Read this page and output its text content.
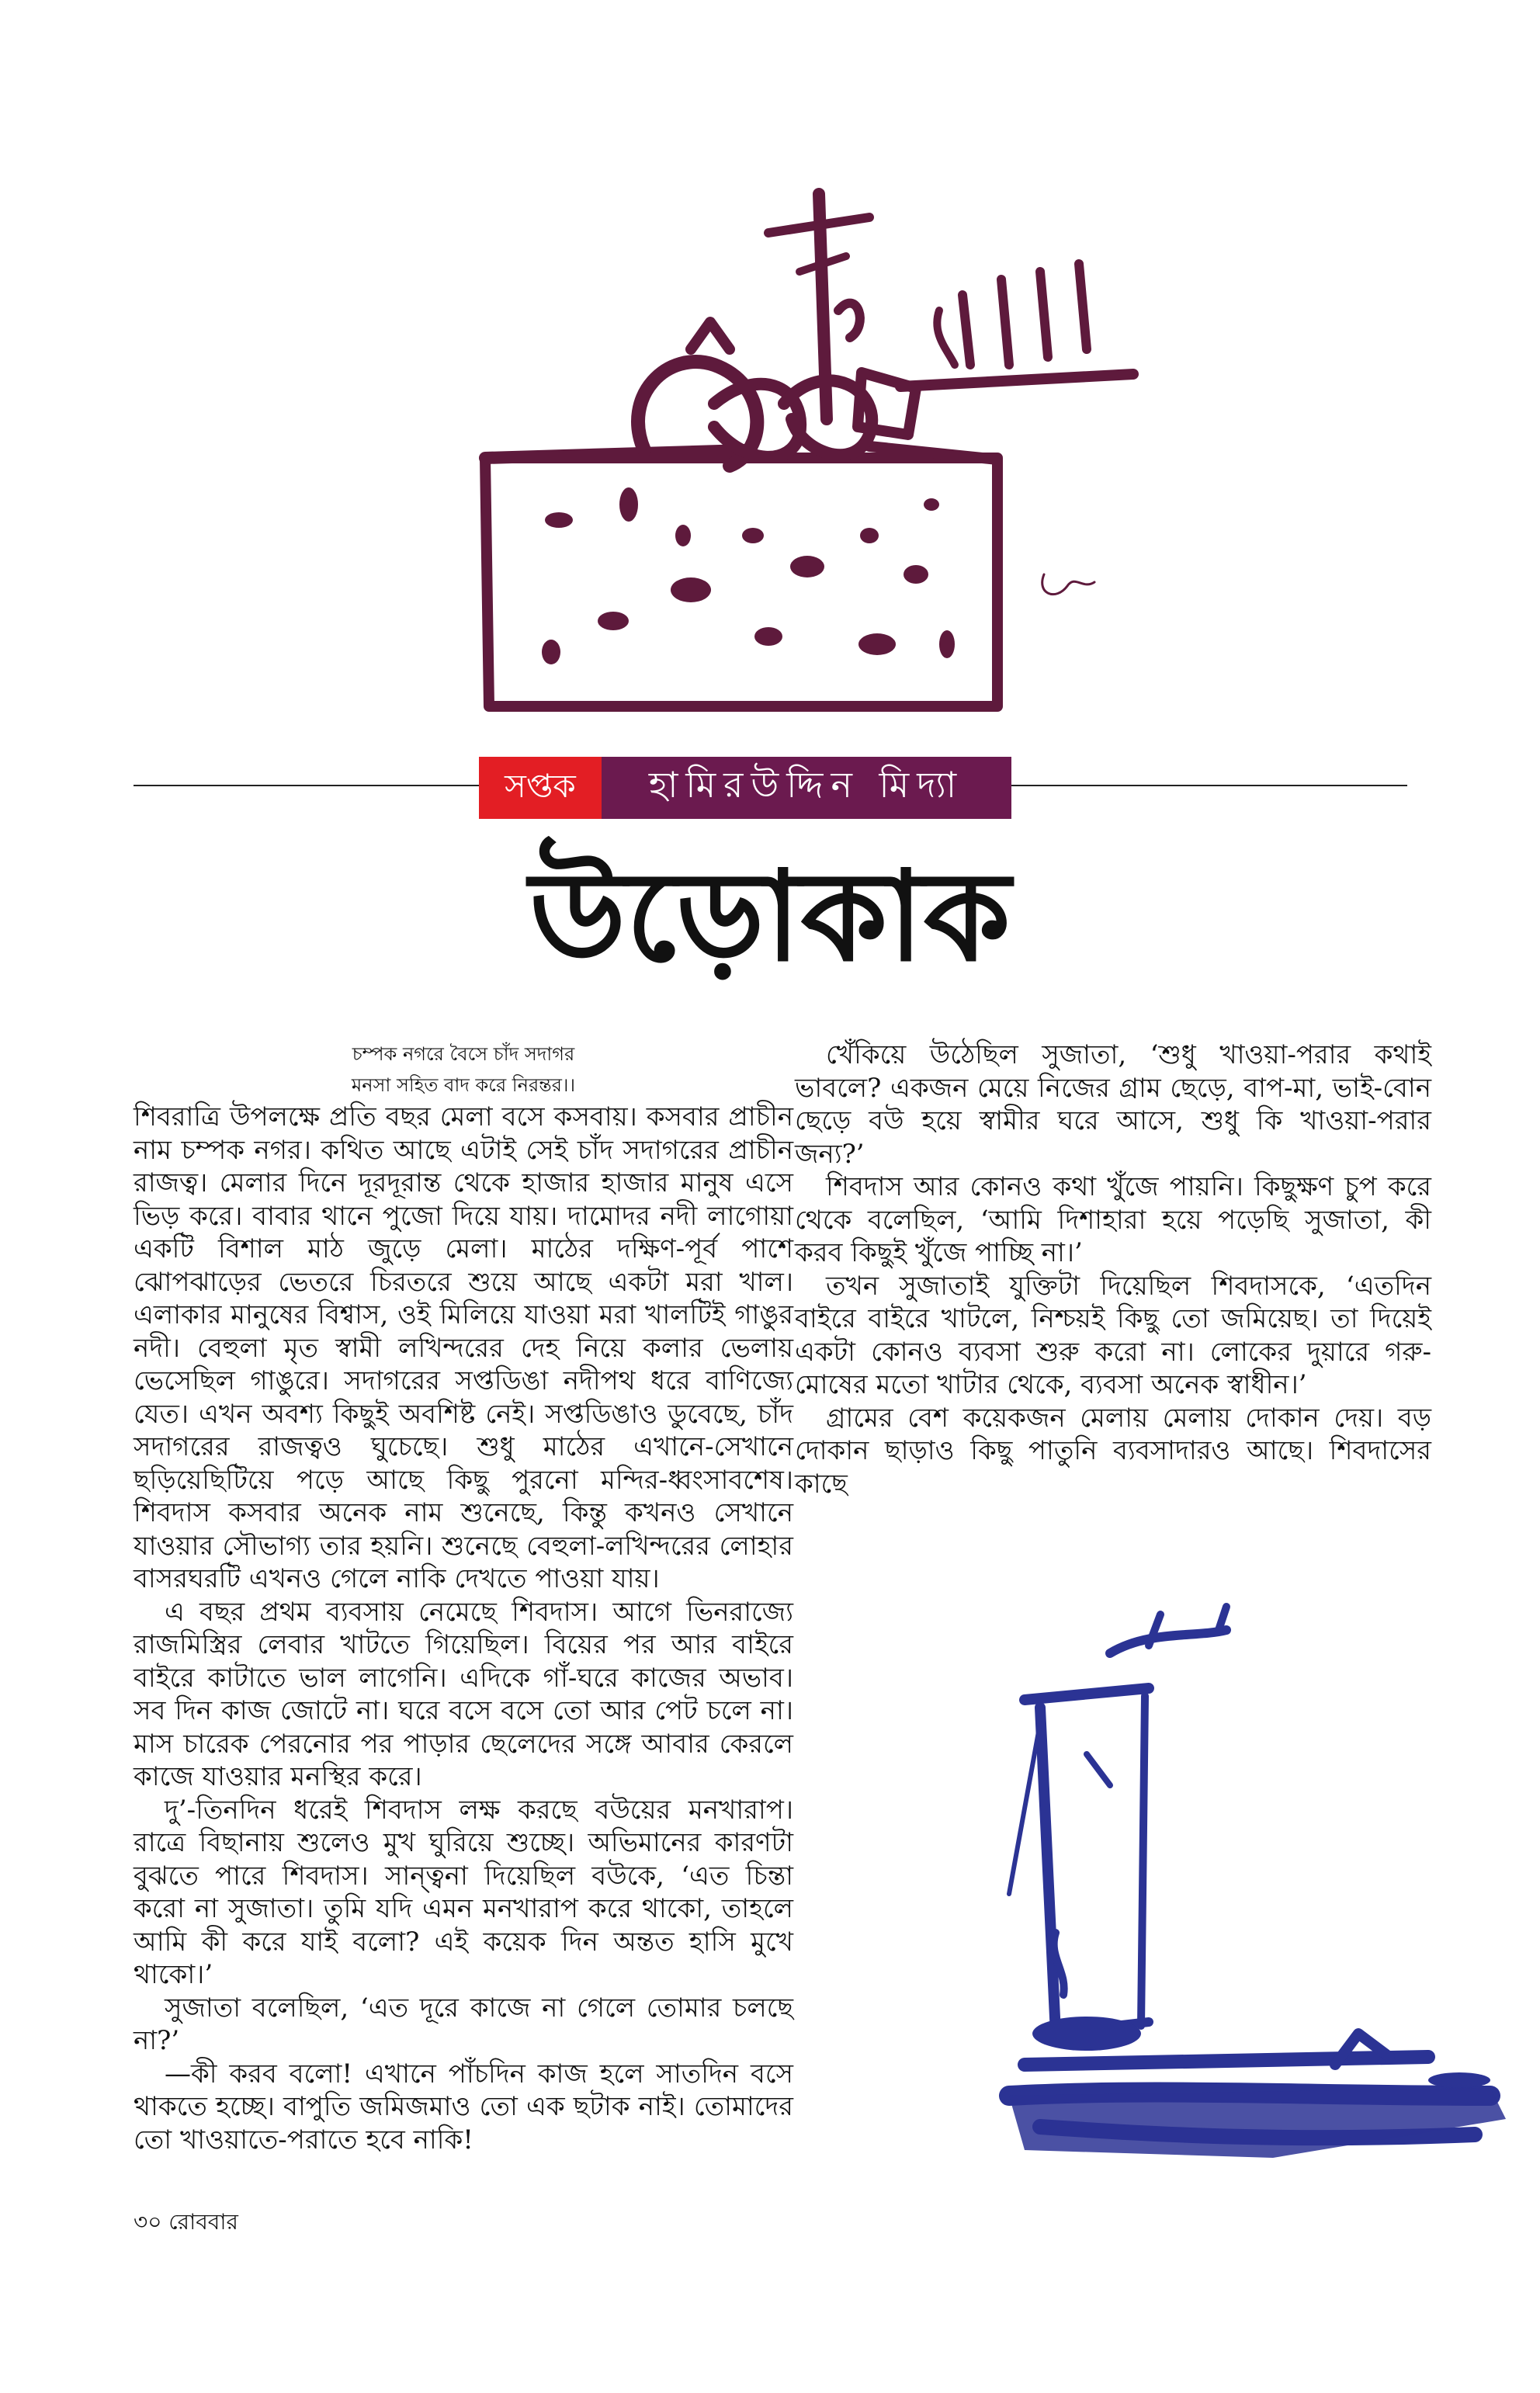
সপ্তক	হামিরউদ্দিন মিদ্যা
উড়োকাক
চম্পক নগরে বৈসে চাঁদ সদাগর
মনসা সহিত বাদ করে নিরন্তর।।

শিবরাত্রি উপলক্ষে প্রতি বছর মেলা বসে কসবায়। কসবার প্রাচীন নাম চম্পক নগর। কথিত আছে এটাই সেই চাঁদ সদাগরের প্রাচীন রাজত্ব। মেলার দিনে দূরদূরান্ত থেকে হাজার হাজার মানুষ এসে ভিড় করে। বাবার থানে পুজো দিয়ে যায়। দামোদর নদী লাগোয়া একটি বিশাল মাঠ জুড়ে মেলা। মাঠের দক্ষিণ-পূর্ব পাশে ঝোপঝাড়ের ভেতরে চিরতরে শুয়ে আছে একটা মরা খাল। এলাকার মানুষের বিশ্বাস, ওই মিলিয়ে যাওয়া মরা খালটিই গাঙুর নদী। বেহুলা মৃত স্বামী লখিন্দরের দেহ নিয়ে কলার ভেলায় ভেসেছিল গাঙুরে। সদাগরের সপ্তডিঙা নদীপথ ধরে বাণিজ্যে যেত। এখন অবশ্য কিছুই অবশিষ্ট নেই। সপ্তডিঙাও ডুবেছে, চাঁদ সদাগরের রাজত্বও ঘুচেছে। শুধু মাঠের এখানে-সেখানে ছড়িয়েছিটিয়ে পড়ে আছে কিছু পুরনো মন্দির-ধ্বংসাবশেষ। শিবদাস কসবার অনেক নাম শুনেছে, কিন্তু কখনও সেখানে যাওয়ার সৌভাগ্য তার হয়নি। শুনেছে বেহুলা-লখিন্দরের লোহার বাসরঘরটি এখনও গেলে নাকি দেখতে পাওয়া যায়।

এ বছর প্রথম ব্যবসায় নেমেছে শিবদাস। আগে ভিনরাজ্যে রাজমিস্ত্রির লেবার খাটতে গিয়েছিল। বিয়ের পর আর বাইরে বাইরে কাটাতে ভাল লাগেনি। এদিকে গাঁ-ঘরে কাজের অভাব। সব দিন কাজ জোটে না। ঘরে বসে বসে তো আর পেট চলে না। মাস চারেক পেরনোর পর পাড়ার ছেলেদের সঙ্গে আবার কেরলে কাজে যাওয়ার মনস্থির করে।

দু’-তিনদিন ধরেই শিবদাস লক্ষ করছে বউয়ের মনখারাপ। রাত্রে বিছানায় শুলেও মুখ ঘুরিয়ে শুচ্ছে। অভিমানের কারণটা বুঝতে পারে শিবদাস। সান্ত্বনা দিয়েছিল বউকে, ‘এত চিন্তা করো না সুজাতা। তুমি যদি এমন মনখারাপ করে থাকো, তাহলে আমি কী করে যাই বলো? এই কয়েক দিন অন্তত হাসি মুখে থাকো।’

সুজাতা বলেছিল, ‘এত দূরে কাজে না গেলে তোমার চলছে না?’

—কী করব বলো! এখানে পাঁচদিন কাজ হলে সাতদিন বসে থাকতে হচ্ছে। বাপুতি জমিজমাও তো এক ছটাক নাই। তোমাদের তো খাওয়াতে-পরাতে হবে নাকি!

খেঁকিয়ে উঠেছিল সুজাতা, ‘শুধু খাওয়া-পরার কথাই ভাবলে? একজন মেয়ে নিজের গ্রাম ছেড়ে, বাপ-মা, ভাই-বোন ছেড়ে বউ হয়ে স্বামীর ঘরে আসে, শুধু কি খাওয়া-পরার জন্য?’

শিবদাস আর কোনও কথা খুঁজে পায়নি। কিছুক্ষণ চুপ করে থেকে বলেছিল, ‘আমি দিশাহারা হয়ে পড়েছি সুজাতা, কী করব কিছুই খুঁজে পাচ্ছি না।’

তখন সুজাতাই যুক্তিটা দিয়েছিল শিবদাসকে, ‘এতদিন বাইরে বাইরে খাটলে, নিশ্চয়ই কিছু তো জমিয়েছ। তা দিয়েই একটা কোনও ব্যবসা শুরু করো না। লোকের দুয়ারে গরু-মোষের মতো খাটার থেকে, ব্যবসা অনেক স্বাধীন।’

গ্রামের বেশ কয়েকজন মেলায় মেলায় দোকান দেয়। বড় দোকান ছাড়াও কিছু পাতুনি ব্যবসাদারও আছে। শিবদাসের কাছে

৩০ রোববার
